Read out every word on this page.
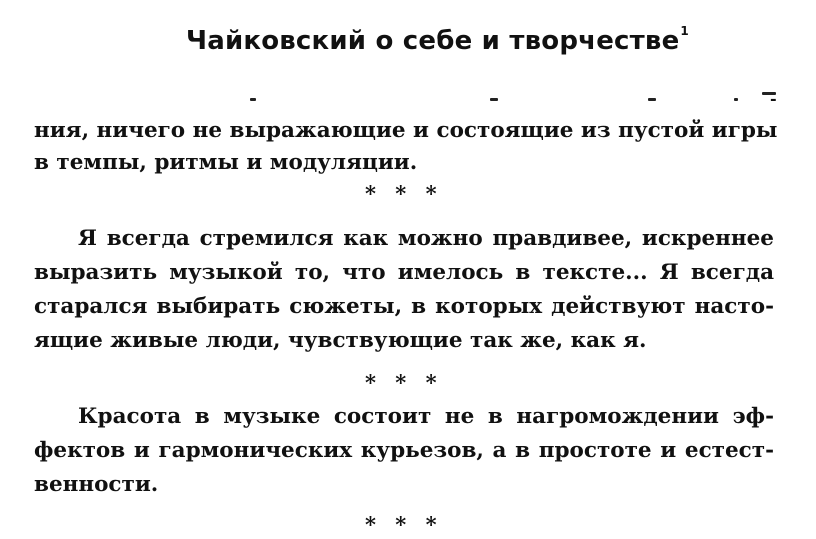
Чайковский о себе и творчестве$^1$
-
ния, ничего не выражающие и состоящие из пустой игры
в темпы, ритмы и модуляции.
* * *
Я всегда стремился как можно правдивее, искреннее
выразить музыкой то, что имелось в тексте... Я всегда
старался выбирать сюжеты, в которых действуют насто-
ящие живые люди, чувствующие так же, как я.
* * *
Красота в музыке состоит не в нагромождении эф-
фектов и гармонических курьезов, а в простоте и естест-
венности.
* * *
